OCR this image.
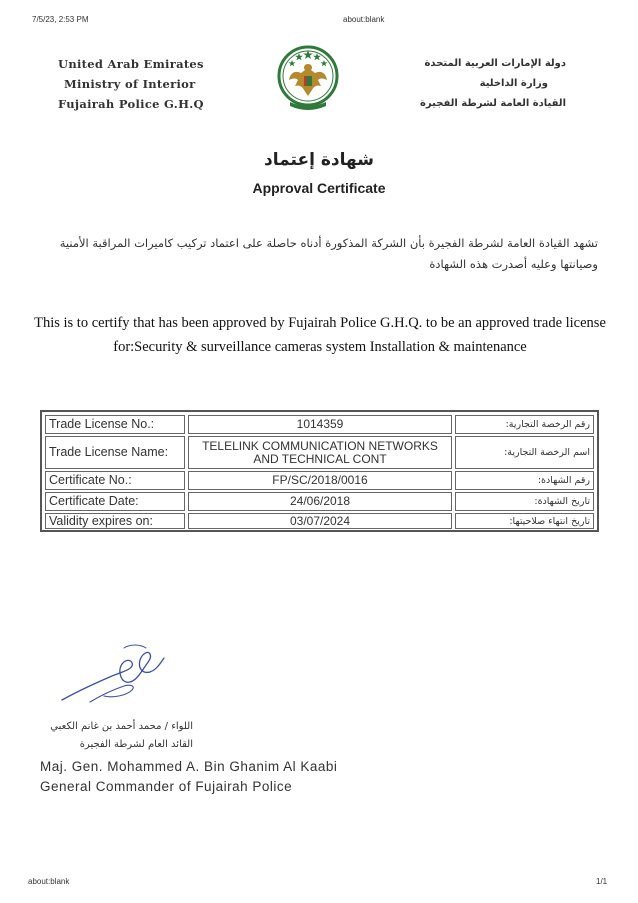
7/5/23, 2:53 PM	about:blank
United Arab Emirates
Ministry of Interior
Fujairah Police G.H.Q
دولة الإمارات العربية المتحدة
وزارة الداخلية
القيادة العامة لشرطة الفجيرة
شهادة إعتماد
Approval Certificate
تشهد القيادة العامة لشرطة الفجيرة بأن الشركة المذكورة أدناه حاصلة على اعتماد تركيب كاميرات المراقبة الأمنية وصيانتها وعليه أصدرت هذه الشهادة
This is to certify that has been approved by Fujairah Police G.H.Q. to be an approved trade license for:Security & surveillance cameras system Installation & maintenance
Trade License No.:	1014359	رقم الرخصة التجارية:
Trade License Name:	TELELINK COMMUNICATION NETWORKS AND TECHNICAL CONT	اسم الرخصة التجارية:
Certificate No.:	FP/SC/2018/0016	رقم الشهادة:
Certificate Date:	24/06/2018	تاريخ الشهادة:
Validity expires on:	03/07/2024	تاريخ انتهاء صلاحيتها:
اللواء / محمد أحمد بن غانم الكعبي
القائد العام لشرطة الفجيرة
Maj. Gen. Mohammed A. Bin Ghanim Al Kaabi
General Commander of Fujairah Police
about:blank	1/1
